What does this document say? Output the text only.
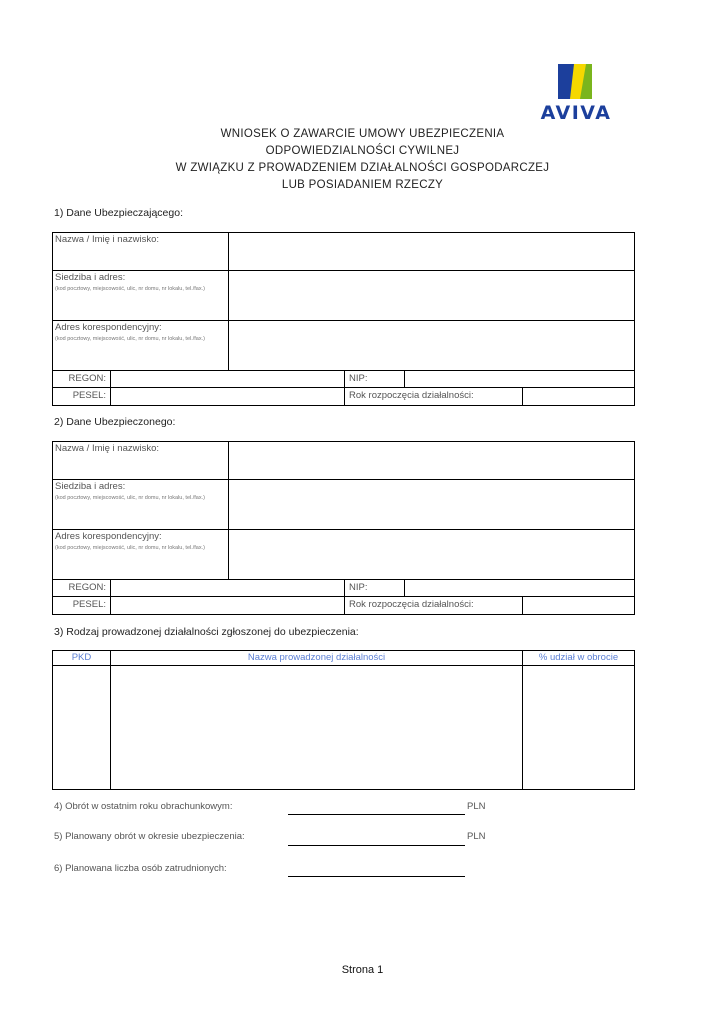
AVIVA
WNIOSEK O ZAWARCIE UMOWY UBEZPIECZENIA
ODPOWIEDZIALNOŚCI CYWILNEJ
W ZWIĄZKU Z PROWADZENIEM DZIAŁALNOŚCI GOSPODARCZEJ
LUB POSIADANIEM RZECZY
1) Dane Ubezpieczającego:
Nazwa / Imię i nazwisko:
Siedziba i adres:
(kod pocztowy, miejscowość, ulic, nr domu, nr lokalu, tel./fax.)
Adres korespondencyjny:
(kod pocztowy, miejscowość, ulic, nr domu, nr lokalu, tel./fax.)
REGON:	NIP:
PESEL:	Rok rozpoczęcia działalności:
2) Dane Ubezpieczonego:
Nazwa / Imię i nazwisko:
Siedziba i adres:
(kod pocztowy, miejscowość, ulic, nr domu, nr lokalu, tel./fax.)
Adres korespondencyjny:
(kod pocztowy, miejscowość, ulic, nr domu, nr lokalu, tel./fax.)
REGON:	NIP:
PESEL:	Rok rozpoczęcia działalności:
3) Rodzaj prowadzonej działalności zgłoszonej do ubezpieczenia:
PKD	Nazwa prowadzonej działalności	% udział w obrocie
4) Obrót w ostatnim roku obrachunkowym:	PLN
5) Planowany obrót w okresie ubezpieczenia:	PLN
6) Planowana liczba osób zatrudnionych:
Strona 1
